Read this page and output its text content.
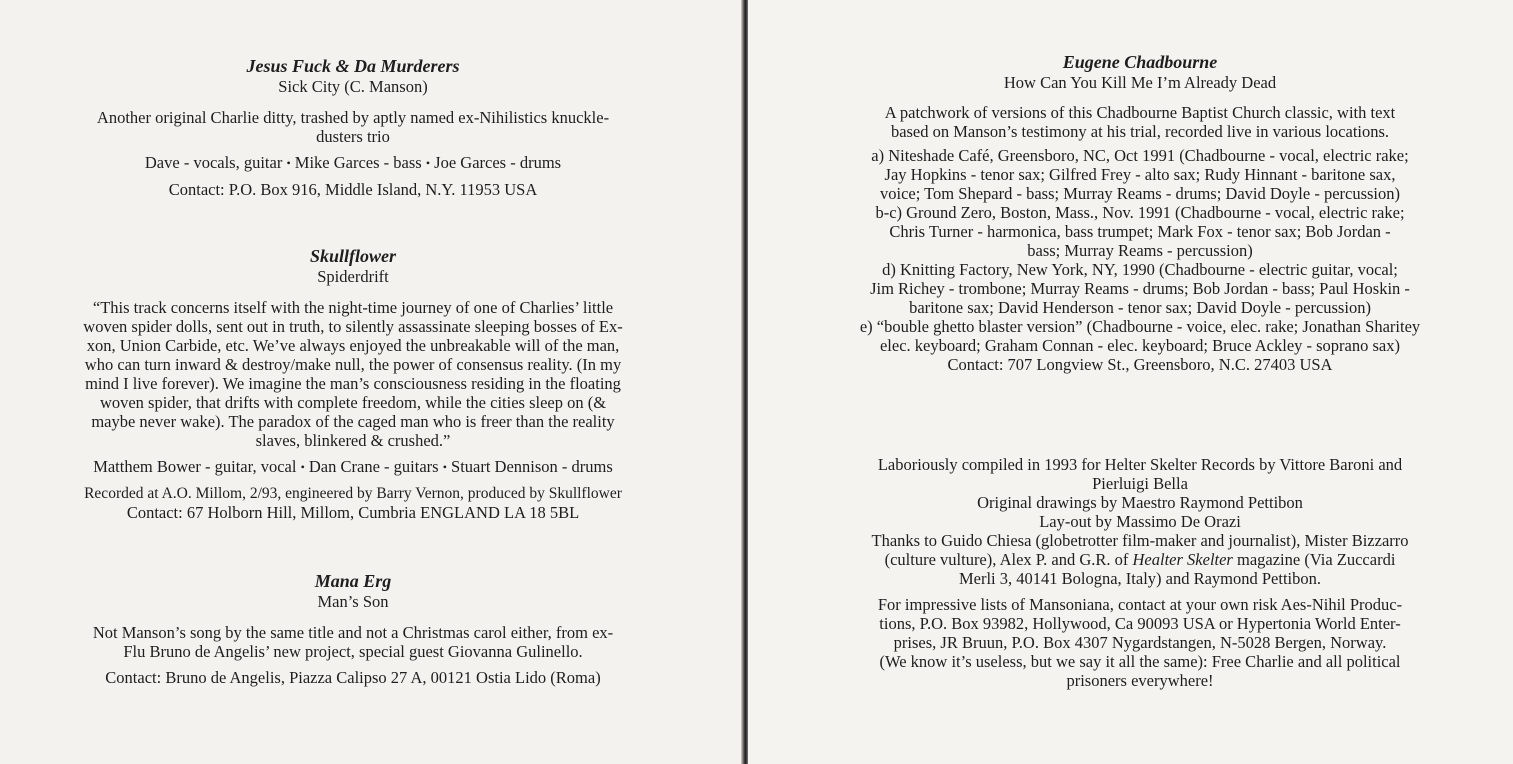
Jesus Fuck & Da Murderers
Sick City (C. Manson)

Another original Charlie ditty, trashed by aptly named ex-Nihilistics knuckle-
dusters trio

Dave - vocals, guitar • Mike Garces - bass • Joe Garces - drums

Contact: P.O. Box 916, Middle Island, N.Y. 11953 USA

Skullflower
Spiderdrift

“This track concerns itself with the night-time journey of one of Charlies’ little
woven spider dolls, sent out in truth, to silently assassinate sleeping bosses of Ex-
xon, Union Carbide, etc. We’ve always enjoyed the unbreakable will of the man,
who can turn inward & destroy/make null, the power of consensus reality. (In my
mind I live forever). We imagine the man’s consciousness residing in the floating
woven spider, that drifts with complete freedom, while the cities sleep on (&
maybe never wake). The paradox of the caged man who is freer than the reality
slaves, blinkered & crushed.”

Matthem Bower - guitar, vocal • Dan Crane - guitars • Stuart Dennison - drums

Recorded at A.O. Millom, 2/93, engineered by Barry Vernon, produced by Skullflower

Contact: 67 Holborn Hill, Millom, Cumbria ENGLAND LA 18 5BL

Mana Erg
Man’s Son

Not Manson’s song by the same title and not a Christmas carol either, from ex-
Flu Bruno de Angelis’ new project, special guest Giovanna Gulinello.

Contact: Bruno de Angelis, Piazza Calipso 27 A, 00121 Ostia Lido (Roma)

Eugene Chadbourne
How Can You Kill Me I’m Already Dead

A patchwork of versions of this Chadbourne Baptist Church classic, with text
based on Manson’s testimony at his trial, recorded live in various locations.

a) Niteshade Café, Greensboro, NC, Oct 1991 (Chadbourne - vocal, electric rake;
Jay Hopkins - tenor sax; Gilfred Frey - alto sax; Rudy Hinnant - baritone sax,
voice; Tom Shepard - bass; Murray Reams - drums; David Doyle - percussion)
b-c) Ground Zero, Boston, Mass., Nov. 1991 (Chadbourne - vocal, electric rake;
Chris Turner - harmonica, bass trumpet; Mark Fox - tenor sax; Bob Jordan -
bass; Murray Reams - percussion)
d) Knitting Factory, New York, NY, 1990 (Chadbourne - electric guitar, vocal;
Jim Richey - trombone; Murray Reams - drums; Bob Jordan - bass; Paul Hoskin -
baritone sax; David Henderson - tenor sax; David Doyle - percussion)
e) “bouble ghetto blaster version” (Chadbourne - voice, elec. rake; Jonathan Sharitey
elec. keyboard; Graham Connan - elec. keyboard; Bruce Ackley - soprano sax)

Contact: 707 Longview St., Greensboro, N.C. 27403 USA

Laboriously compiled in 1993 for Helter Skelter Records by Vittore Baroni and
Pierluigi Bella

Original drawings by Maestro Raymond Pettibon

Lay-out by Massimo De Orazi

Thanks to Guido Chiesa (globetrotter film-maker and journalist), Mister Bizzarro
(culture vulture), Alex P. and G.R. of Healter Skelter magazine (Via Zuccardi
Merli 3, 40141 Bologna, Italy) and Raymond Pettibon.

For impressive lists of Mansoniana, contact at your own risk Aes-Nihil Produc-
tions, P.O. Box 93982, Hollywood, Ca 90093 USA or Hypertonia World Enter-
prises, JR Bruun, P.O. Box 4307 Nygardstangen, N-5028 Bergen, Norway.
(We know it’s useless, but we say it all the same): Free Charlie and all political
prisoners everywhere!
